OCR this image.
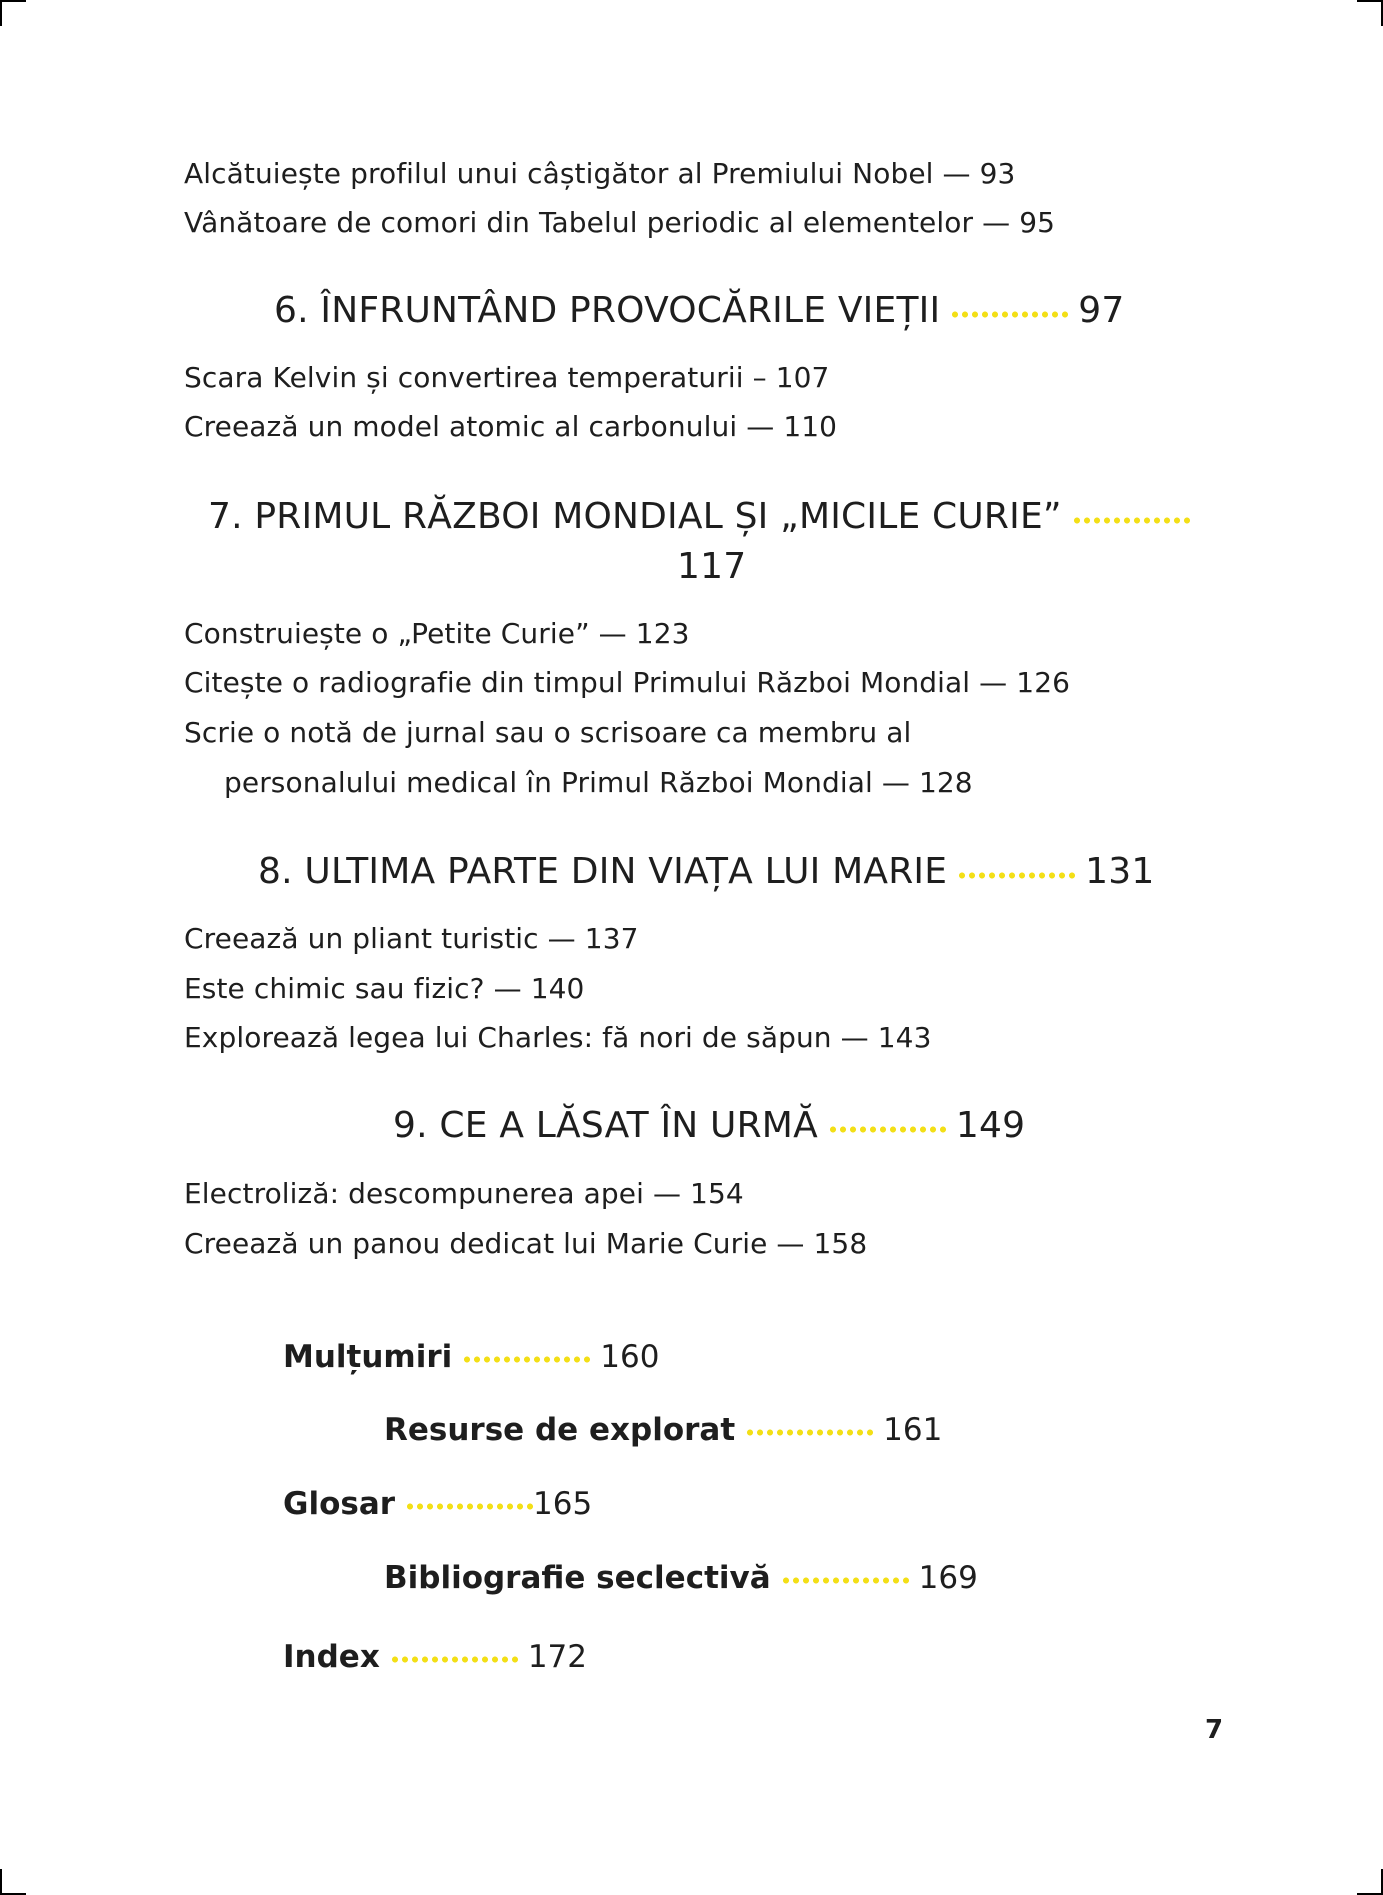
Alcătuiește profilul unui câștigător al Premiului Nobel — 93
Vânătoare de comori din Tabelul periodic al elementelor — 95
6. ÎNFRUNTÂND PROVOCĂRILE VIEȚII	97
Scara Kelvin și convertirea temperaturii – 107
Creează un model atomic al carbonului — 110
7. PRIMUL RĂZBOI MONDIAL ȘI „MICILE CURIE”
117
Construiește o „Petite Curie” — 123
Citește o radiografie din timpul Primului Război Mondial — 126
Scrie o notă de jurnal sau o scrisoare ca membru al
personalului medical în Primul Război Mondial — 128
8. ULTIMA PARTE DIN VIAȚA LUI MARIE	131
Creează un pliant turistic — 137
Este chimic sau fizic? — 140
Explorează legea lui Charles: fă nori de săpun — 143
9. CE A LĂSAT ÎN URMĂ	149
Electroliză: descompunerea apei — 154
Creează un panou dedicat lui Marie Curie — 158
Mulțumiri	160
Resurse de explorat	161
Glosar	165
Bibliografie seclectivă	169
Index	172
7
